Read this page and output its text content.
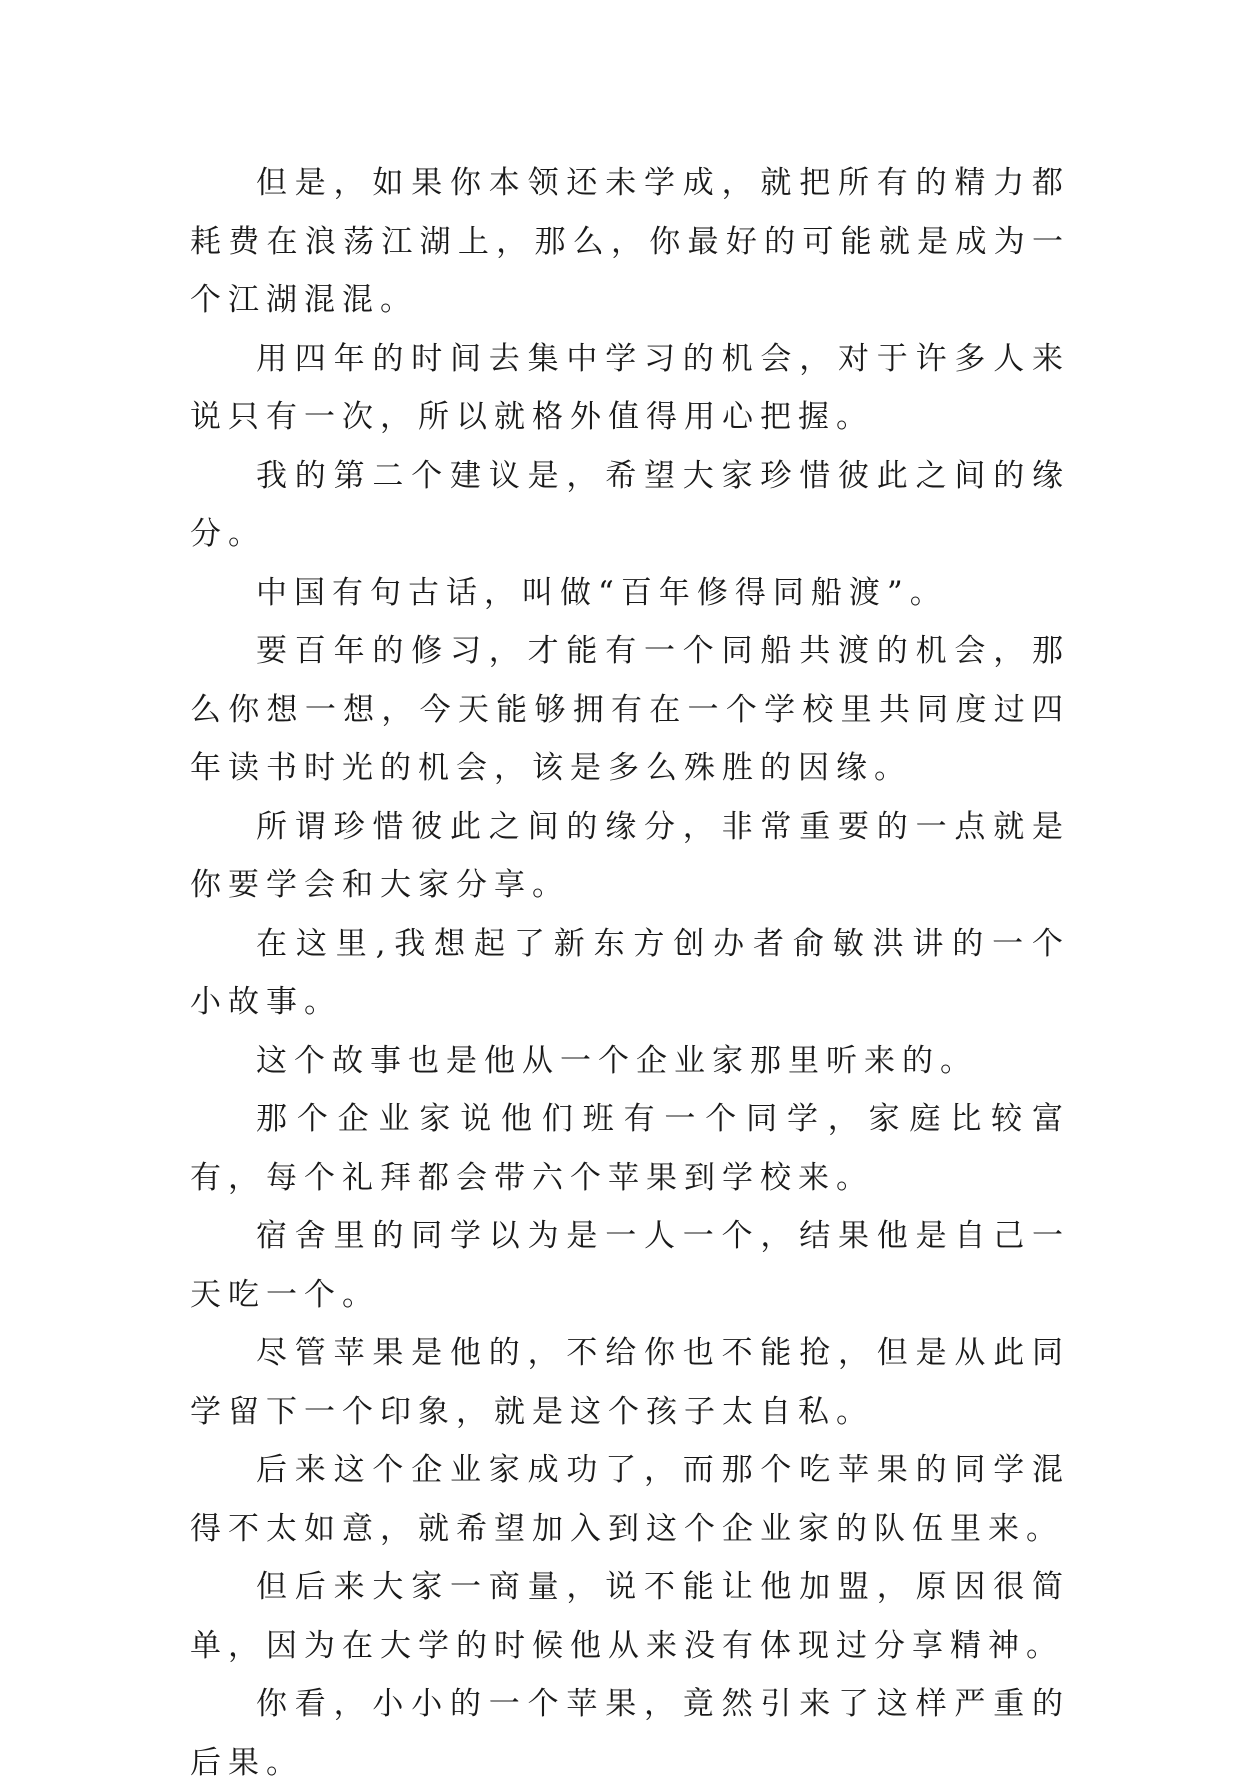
但是，如果你本领还未学成，就把所有的精力都耗费在浪荡江湖上，那么，你最好的可能就是成为一个江湖混混。

用四年的时间去集中学习的机会，对于许多人来说只有一次，所以就格外值得用心把握。

我的第二个建议是，希望大家珍惜彼此之间的缘分。

中国有句古话，叫做“百年修得同船渡”。

要百年的修习，才能有一个同船共渡的机会，那么你想一想，今天能够拥有在一个学校里共同度过四年读书时光的机会，该是多么殊胜的因缘。

所谓珍惜彼此之间的缘分，非常重要的一点就是你要学会和大家分享。

在这里,我想起了新东方创办者俞敏洪讲的一个小故事。

这个故事也是他从一个企业家那里听来的。

那个企业家说他们班有一个同学，家庭比较富有，每个礼拜都会带六个苹果到学校来。

宿舍里的同学以为是一人一个，结果他是自己一天吃一个。

尽管苹果是他的，不给你也不能抢，但是从此同学留下一个印象，就是这个孩子太自私。

后来这个企业家成功了，而那个吃苹果的同学混得不太如意，就希望加入到这个企业家的队伍里来。

但后来大家一商量，说不能让他加盟，原因很简单，因为在大学的时候他从来没有体现过分享精神。

你看，小小的一个苹果，竟然引来了这样严重的后果。
